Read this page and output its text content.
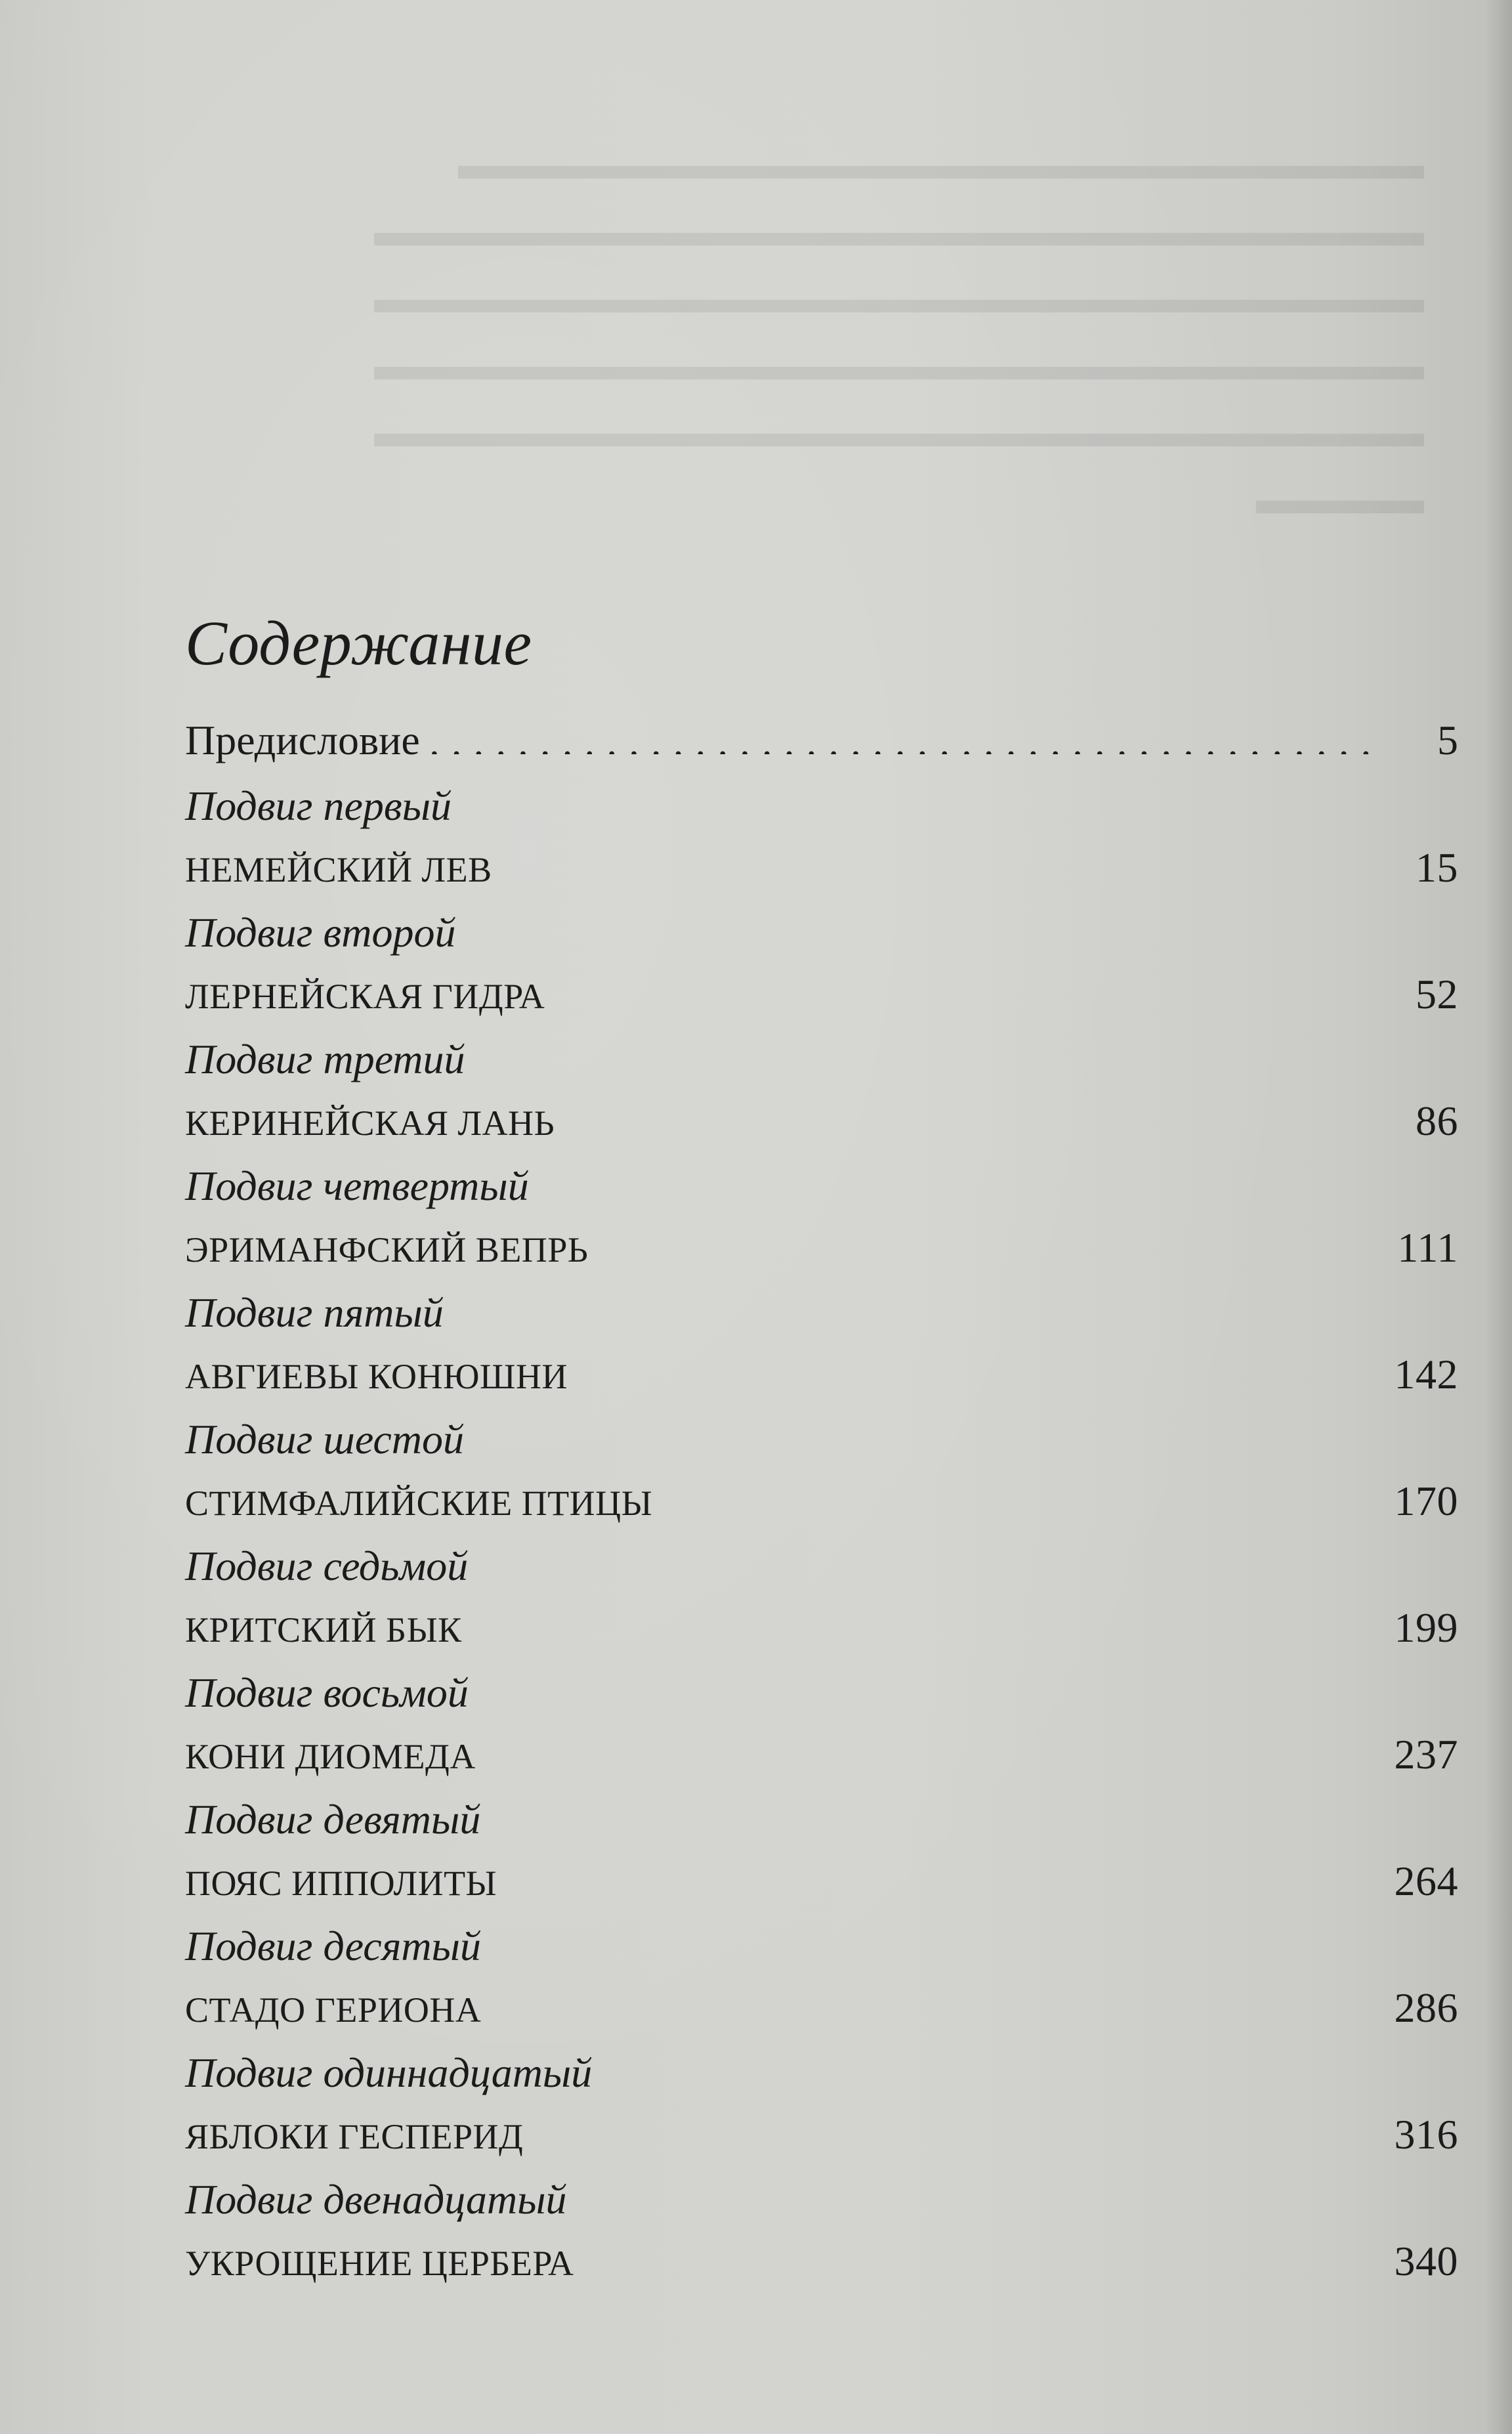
▬▬▬▬▬▬▬▬▬▬▬▬▬▬▬▬▬▬▬▬▬▬▬
▬▬▬▬▬▬▬▬▬▬▬▬▬▬▬▬▬▬▬▬▬▬▬▬▬
▬▬▬▬▬▬▬▬▬▬▬▬▬▬▬▬▬▬▬▬▬▬▬▬▬
▬▬▬▬▬▬▬▬▬▬▬▬▬▬▬▬▬▬▬▬▬▬▬▬▬
▬▬▬▬▬▬▬▬▬▬▬▬▬▬▬▬▬▬▬▬▬▬▬▬▬
▬▬▬▬
Содержание
Предисловие . . .	5
Подвиг первый
НЕМЕЙСКИЙ ЛЕВ . . .	15
Подвиг второй
ЛЕРНЕЙСКАЯ ГИДРА . . .	52
Подвиг третий
КЕРИНЕЙСКАЯ ЛАНЬ . . .	86
Подвиг четвертый
ЭРИМАНФСКИЙ ВЕПРЬ . . .	111
Подвиг пятый
АВГИЕВЫ КОНЮШНИ . . .	142
Подвиг шестой
СТИМФАЛИЙСКИЕ ПТИЦЫ . . .	170
Подвиг седьмой
КРИТСКИЙ БЫК . . .	199
Подвиг восьмой
КОНИ ДИОМЕДА . . .	237
Подвиг девятый
ПОЯС ИППОЛИТЫ . . .	264
Подвиг десятый
СТАДО ГЕРИОНА . . .	286
Подвиг одиннадцатый
ЯБЛОКИ ГЕСПЕРИД . . .	316
Подвиг двенадцатый
УКРОЩЕНИЕ ЦЕРБЕРА . . .	340
